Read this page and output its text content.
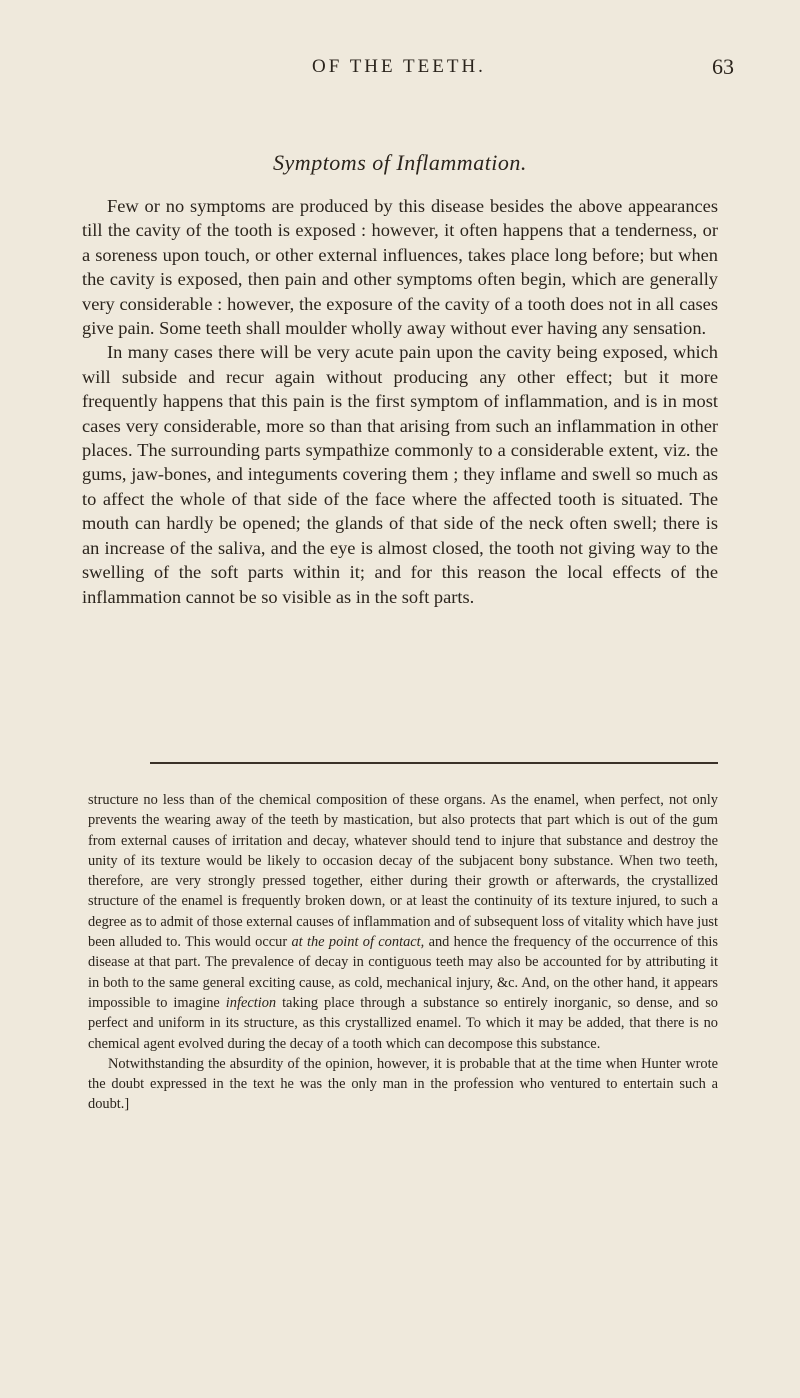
OF THE TEETH.	63
Symptoms of Inflammation.

Few or no symptoms are produced by this disease besides the above appearances till the cavity of the tooth is exposed : however, it often happens that a tenderness, or a soreness upon touch, or other external influences, takes place long before; but when the cavity is exposed, then pain and other symptoms often begin, which are generally very considerable : however, the exposure of the cavity of a tooth does not in all cases give pain. Some teeth shall moulder wholly away without ever having any sensation.

In many cases there will be very acute pain upon the cavity being exposed, which will subside and recur again without producing any other effect; but it more frequently happens that this pain is the first symptom of inflammation, and is in most cases very considerable, more so than that arising from such an inflammation in other places. The surrounding parts sympathize commonly to a considerable extent, viz. the gums, jaw-bones, and integuments covering them ; they inflame and swell so much as to affect the whole of that side of the face where the affected tooth is situated. The mouth can hardly be opened; the glands of that side of the neck often swell; there is an increase of the saliva, and the eye is almost closed, the tooth not giving way to the swelling of the soft parts within it; and for this reason the local effects of the inflammation cannot be so visible as in the soft parts.

structure no less than of the chemical composition of these organs. As the enamel, when perfect, not only prevents the wearing away of the teeth by mastication, but also protects that part which is out of the gum from external causes of irritation and decay, whatever should tend to injure that substance and destroy the unity of its texture would be likely to occasion decay of the subjacent bony substance. When two teeth, therefore, are very strongly pressed together, either during their growth or afterwards, the crystallized structure of the enamel is frequently broken down, or at least the continuity of its texture injured, to such a degree as to admit of those external causes of inflammation and of subsequent loss of vitality which have just been alluded to. This would occur at the point of contact, and hence the frequency of the occurrence of this disease at that part. The prevalence of decay in contiguous teeth may also be accounted for by attributing it in both to the same general exciting cause, as cold, mechanical injury, &c. And, on the other hand, it appears impossible to imagine infection taking place through a substance so entirely inorganic, so dense, and so perfect and uniform in its structure, as this crystallized enamel. To which it may be added, that there is no chemical agent evolved during the decay of a tooth which can decompose this substance.

Notwithstanding the absurdity of the opinion, however, it is probable that at the time when Hunter wrote the doubt expressed in the text he was the only man in the profession who ventured to entertain such a doubt.]
